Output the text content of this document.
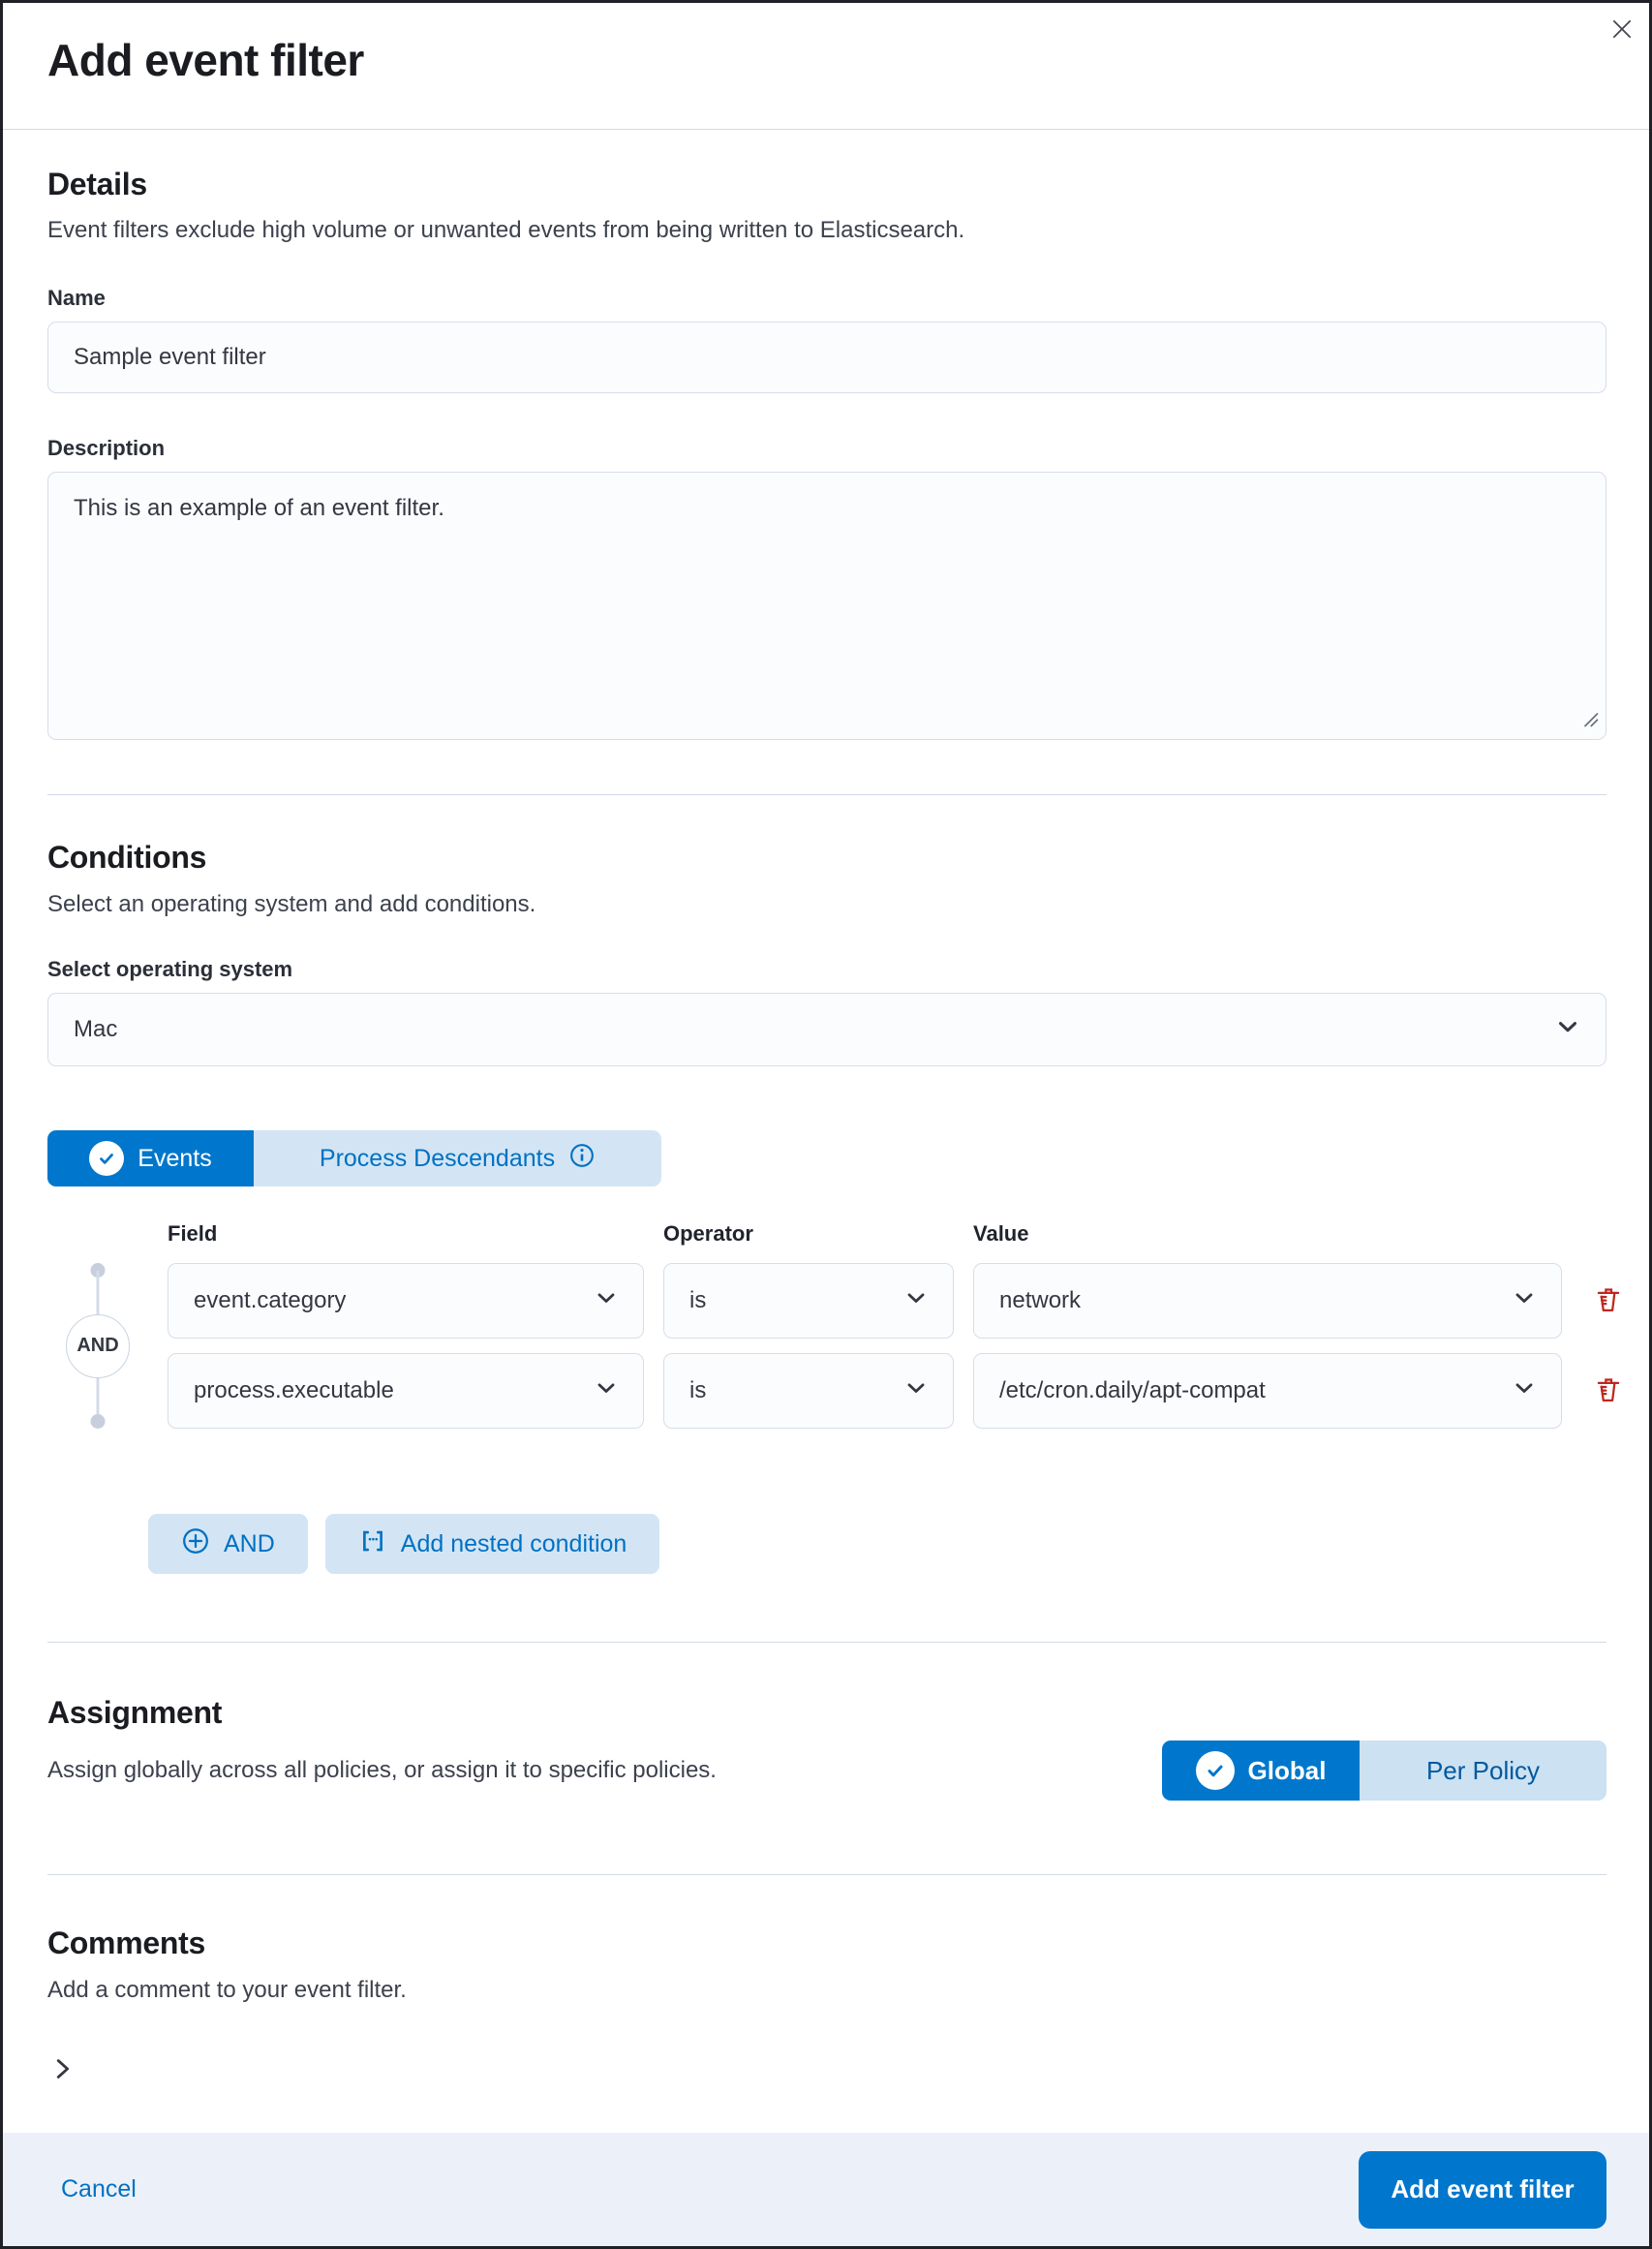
Add event filter
Details

Event filters exclude high volume or unwanted events from being written to Elasticsearch.

Name
Sample event filter
Description
This is an example of an event filter.
Conditions

Select an operating system and add conditions.

Select operating system
Mac
Events	Process Descendants
Field	Operator	Value
AND
event.category	is	network
process.executable	is	/etc/cron.daily/apt-compat
AND	Add nested condition
Assignment

Assign globally across all policies, or assign it to specific policies.	Global	Per Policy
Comments

Add a comment to your event filter.

Cancel	Add event filter
